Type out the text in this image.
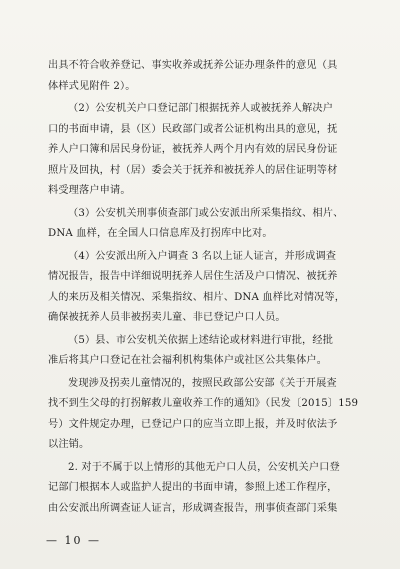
出具不符合收养登记、事实收养或抚养公证办理条件的意见（具
体样式见附件 2）。
（2）公安机关户口登记部门根据抚养人或被抚养人解决户
口的书面申请，县（区）民政部门或者公证机构出具的意见，抚
养人户口簿和居民身份证，被抚养人两个月内有效的居民身份证
照片及回执，村（居）委会关于抚养和被抚养人的居住证明等材
料受理落户申请。
（3）公安机关刑事侦查部门或公安派出所采集指纹、相片、
DNA 血样，在全国人口信息库及打拐库中比对。
（4）公安派出所入户调查 3 名以上证人证言，并形成调查
情况报告，报告中详细说明抚养人居住生活及户口情况、被抚养
人的来历及相关情况、采集指纹、相片、DNA 血样比对情况等，
确保被抚养人员非被拐卖儿童、非已登记户口人员。
（5）县、市公安机关依据上述结论或材料进行审批，经批
准后将其户口登记在社会福利机构集体户或社区公共集体户。
发现涉及拐卖儿童情况的，按照民政部公安部《关于开展查
找不到生父母的打拐解救儿童收养工作的通知》（民发〔2015〕159
号）文件规定办理，已登记户口的应当立即上报，并及时依法予
以注销。
2. 对于不属于以上情形的其他无户口人员，公安机关户口登
记部门根据本人或监护人提出的书面申请，参照上述工作程序，
由公安派出所调查证人证言，形成调查报告，刑事侦查部门采集
— 10 —
